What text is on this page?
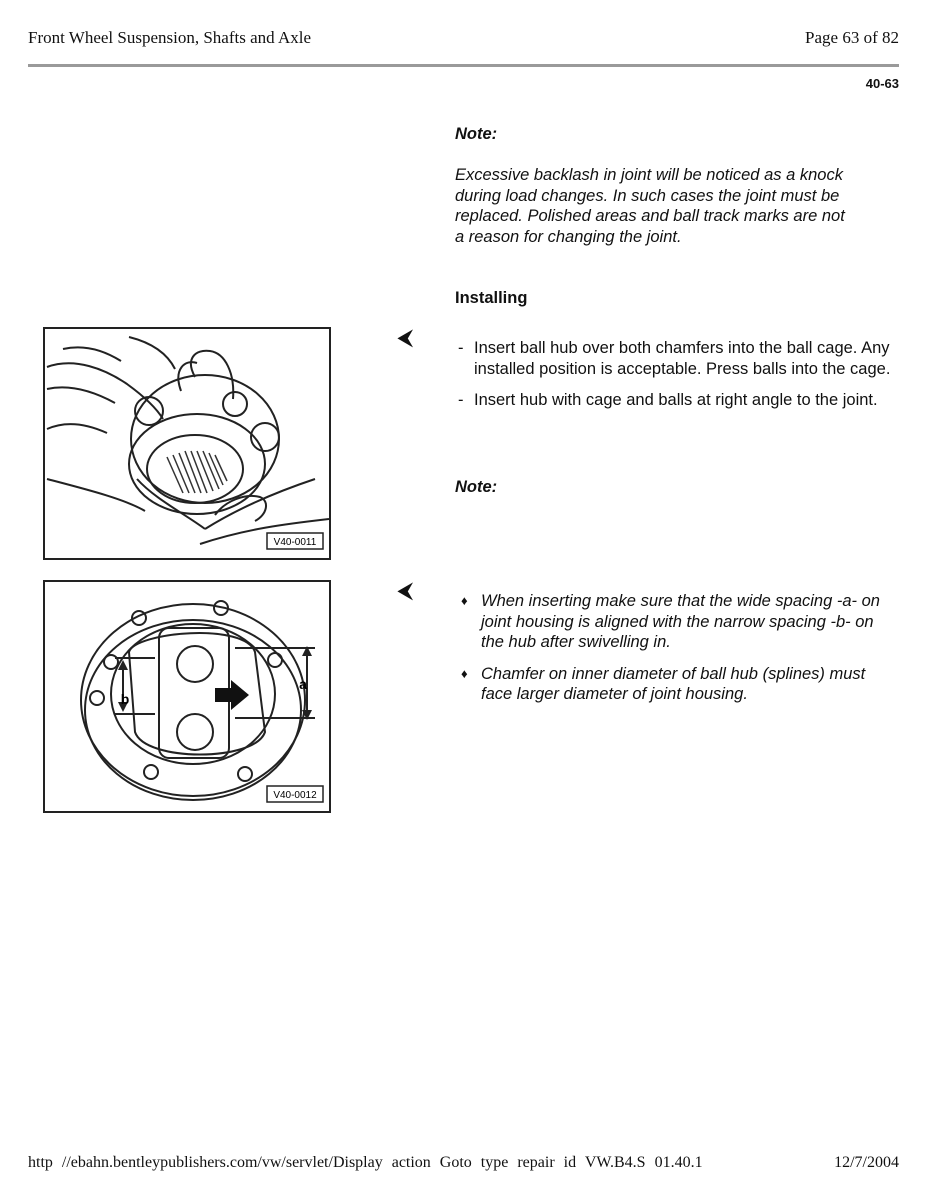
Front Wheel Suspension, Shafts and Axle	Page 63 of 82
40-63
Note:
Excessive backlash in joint will be noticed as a knock during load changes. In such cases the joint must be replaced. Polished areas and ball track marks are not a reason for changing the joint.
Installing
⮜
V40-0011
- Insert ball hub over both chamfers into the ball cage. Any installed position is acceptable. Press balls into the cage.
- Insert hub with cage and balls at right angle to the joint.
Note:
⮜
a
b
V40-0012
♦ When inserting make sure that the wide spacing -a- on joint housing is aligned with the narrow spacing -b- on the hub after swivelling in.
♦ Chamfer on inner diameter of ball hub (splines) must face larger diameter of joint housing.
http //ebahn.bentleypublishers.com/vw/servlet/Display action Goto type repair id VW.B4.S 01.40.1	12/7/2004
